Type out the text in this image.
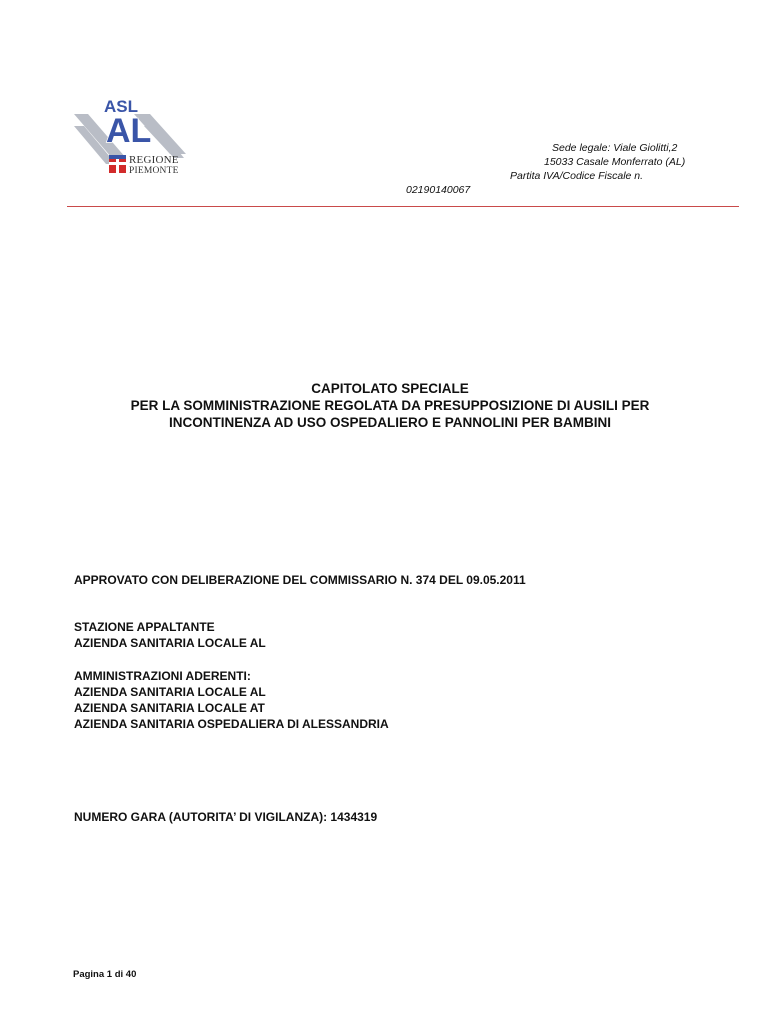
ASL
AL
REGIONE
PIEMONTE
Sede legale: Viale Giolitti,2
15033 Casale Monferrato (AL)
Partita IVA/Codice Fiscale n.
02190140067
CAPITOLATO SPECIALE
PER LA SOMMINISTRAZIONE REGOLATA DA PRESUPPOSIZIONE DI AUSILI PER
INCONTINENZA AD USO OSPEDALIERO E PANNOLINI PER BAMBINI
APPROVATO CON DELIBERAZIONE DEL COMMISSARIO N. 374 DEL 09.05.2011
STAZIONE APPALTANTE
AZIENDA SANITARIA LOCALE AL
AMMINISTRAZIONI ADERENTI:
AZIENDA SANITARIA LOCALE AL
AZIENDA SANITARIA LOCALE AT
AZIENDA SANITARIA OSPEDALIERA DI ALESSANDRIA
NUMERO GARA (AUTORITA’ DI VIGILANZA): 1434319
Pagina 1 di 40
